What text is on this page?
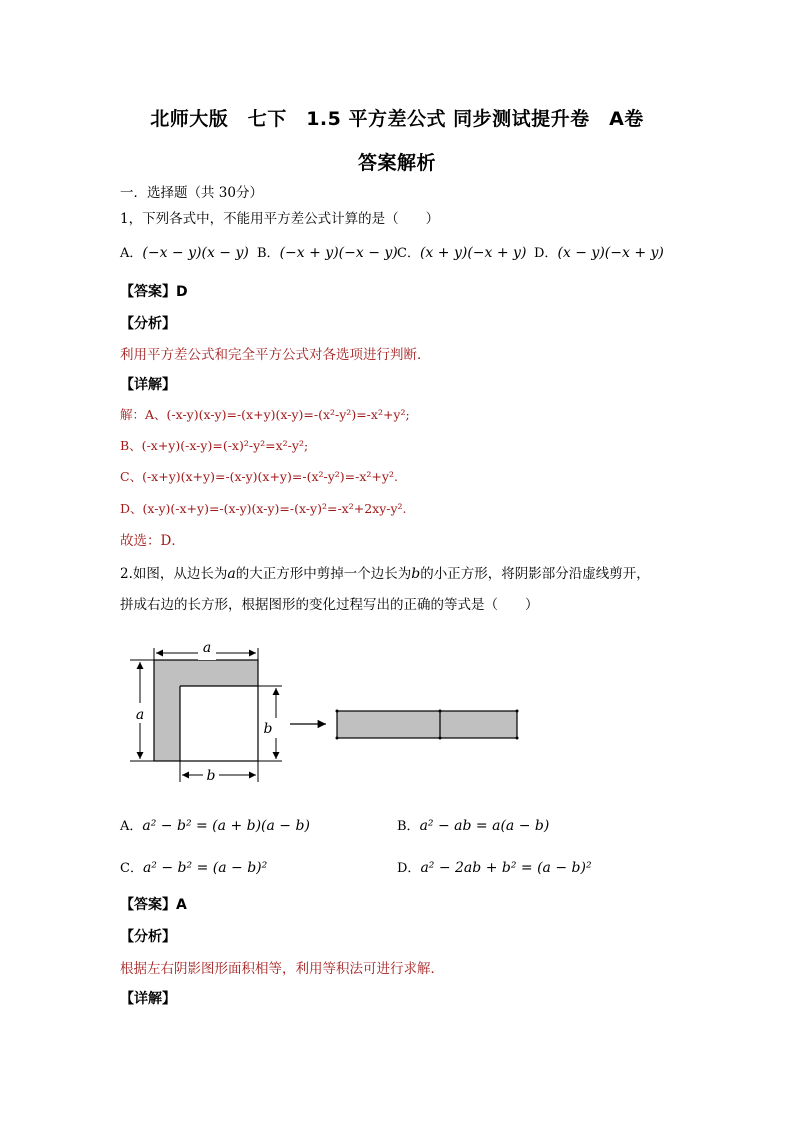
北师大版　七下　1.5 平方差公式 同步测试提升卷　A卷
答案解析
一．选择题（共 30分）
1，下列各式中，不能用平方差公式计算的是（　　）
A．(−x − y)(x − y) B．(−x + y)(−x − y) C．(x + y)(−x + y) D．(x − y)(−x + y)
【答案】D
【分析】
利用平方差公式和完全平方公式对各选项进行判断．
【详解】
解：A、(-x-y)(x-y)=-(x+y)(x-y)=-(x²-y²)=-x²+y²;
B、(-x+y)(-x-y)=(-x)²-y²=x²-y²;
C、(-x+y)(x+y)=-(x-y)(x+y)=-(x²-y²)=-x²+y².
D、(x-y)(-x+y)=-(x-y)(x-y)=-(x-y)²=-x²+2xy-y².
故选：D．
2.如图，从边长为a的大正方形中剪掉一个边长为b的小正方形，将阴影部分沿虚线剪开，
拼成右边的长方形，根据图形的变化过程写出的正确的等式是（　　）
a
a
b
b
A．a² − b² = (a + b)(a − b)	B．a² − ab = a(a − b)
C．a² − b² = (a − b)²	D．a² − 2ab + b² = (a − b)²
【答案】A
【分析】
根据左右阴影图形面积相等，利用等积法可进行求解．
【详解】
